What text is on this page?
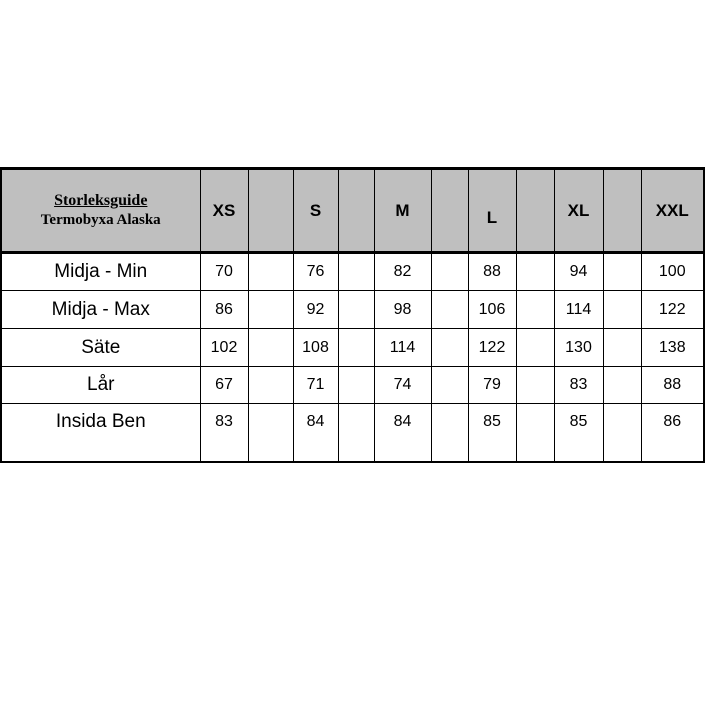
Storleksguide
Termobyxa Alaska	XS		S		M		L		XL		XXL
Midja - Min	70		76		82		88		94		100
Midja - Max	86		92		98		106		114		122
Säte	102		108		114		122		130		138
Lår	67		71		74		79		83		88
Insida Ben	83		84		84		85		85		86
